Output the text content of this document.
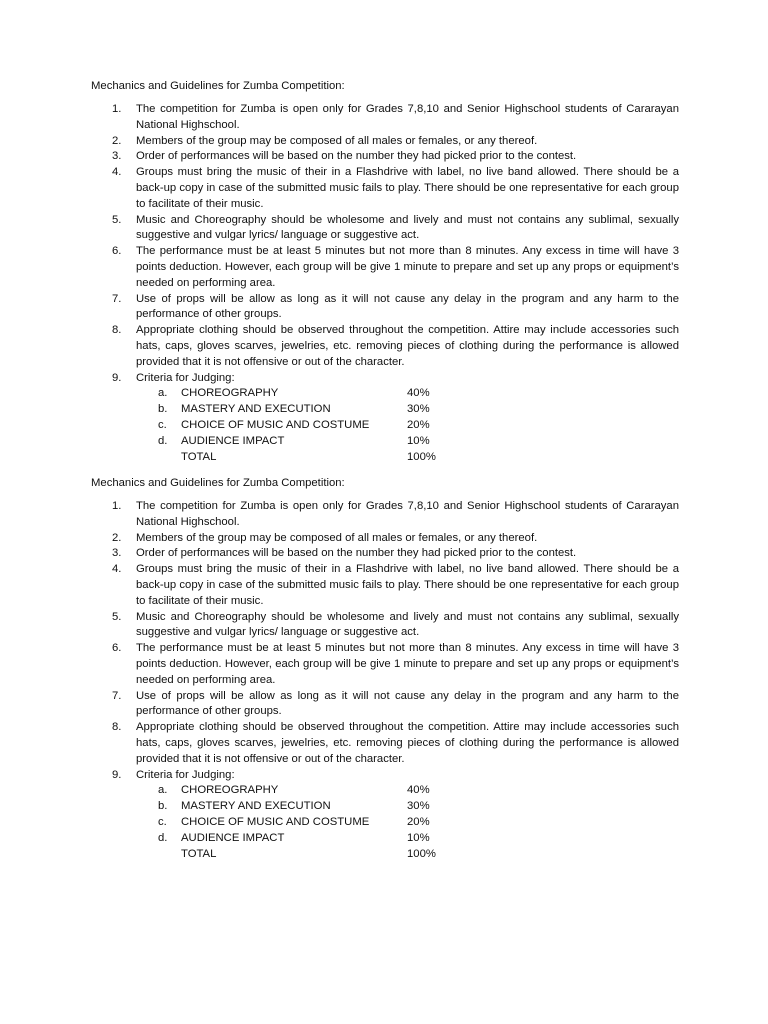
Mechanics and Guidelines for Zumba Competition:
1. The competition for Zumba is open only for Grades 7,8,10 and Senior Highschool students of Cararayan National Highschool.
2. Members of the group may be composed of all males or females, or any thereof.
3. Order of performances will be based on the number they had picked prior to the contest.
4. Groups must bring the music of their in a Flashdrive with label, no live band allowed. There should be a back-up copy in case of the submitted music fails to play. There should be one representative for each group to facilitate of their music.
5. Music and Choreography should be wholesome and lively and must not contains any sublimal, sexually suggestive and vulgar lyrics/ language or suggestive act.
6. The performance must be at least 5 minutes but not more than 8 minutes. Any excess in time will have 3 points deduction. However, each group will be give 1 minute to prepare and set up any props or equipment’s needed on performing area.
7. Use of props will be allow as long as it will not cause any delay in the program and any harm to the performance of other groups.
8. Appropriate clothing should be observed throughout the competition. Attire may include accessories such hats, caps, gloves scarves, jewelries, etc. removing pieces of clothing during the performance is allowed provided that it is not offensive or out of the character.
9. Criteria for Judging:
a. CHOREOGRAPHY	40%
b. MASTERY AND EXECUTION	30%
c. CHOICE OF MUSIC AND COSTUME	20%
d. AUDIENCE IMPACT	10%
TOTAL	100%
Mechanics and Guidelines for Zumba Competition:
1. The competition for Zumba is open only for Grades 7,8,10 and Senior Highschool students of Cararayan National Highschool.
2. Members of the group may be composed of all males or females, or any thereof.
3. Order of performances will be based on the number they had picked prior to the contest.
4. Groups must bring the music of their in a Flashdrive with label, no live band allowed. There should be a back-up copy in case of the submitted music fails to play. There should be one representative for each group to facilitate of their music.
5. Music and Choreography should be wholesome and lively and must not contains any sublimal, sexually suggestive and vulgar lyrics/ language or suggestive act.
6. The performance must be at least 5 minutes but not more than 8 minutes. Any excess in time will have 3 points deduction. However, each group will be give 1 minute to prepare and set up any props or equipment’s needed on performing area.
7. Use of props will be allow as long as it will not cause any delay in the program and any harm to the performance of other groups.
8. Appropriate clothing should be observed throughout the competition. Attire may include accessories such hats, caps, gloves scarves, jewelries, etc. removing pieces of clothing during the performance is allowed provided that it is not offensive or out of the character.
9. Criteria for Judging:
a. CHOREOGRAPHY	40%
b. MASTERY AND EXECUTION	30%
c. CHOICE OF MUSIC AND COSTUME	20%
d. AUDIENCE IMPACT	10%
TOTAL	100%
